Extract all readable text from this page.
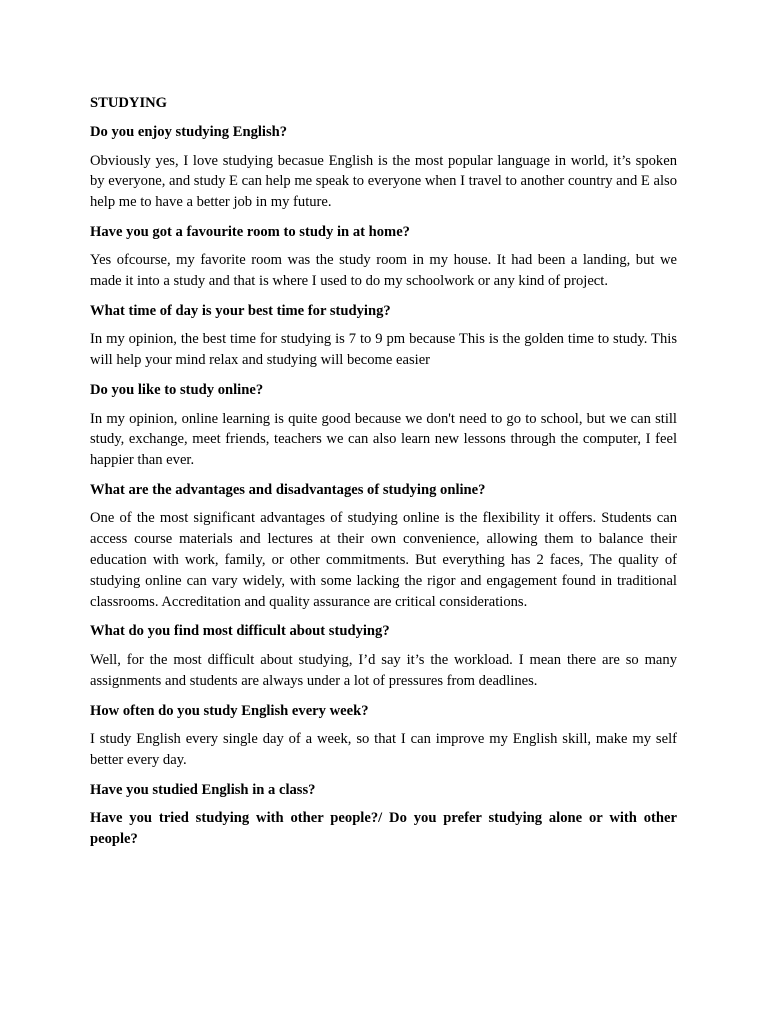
STUDYING
Do you enjoy studying English?
Obviously yes, I love studying becasue English is the most popular language in world, it’s spoken by everyone, and study E can help me speak to everyone when I travel to another country and E also help me to have a better job in my future.
Have you got a favourite room to study in at home?
Yes ofcourse, my favorite room was the study room in my house. It had been a landing, but we made it into a study and that is where I used to do my schoolwork or any kind of project.
What time of day is your best time for studying?
In my opinion, the best time for studying is 7 to 9 pm because This is the golden time to study. This will help your mind relax and studying will become easier
Do you like to study online?
In my opinion, online learning is quite good because we don't need to go to school, but we can still study, exchange, meet friends, teachers we can also learn new lessons through the computer, I feel happier than ever.
What are the advantages and disadvantages of studying online?
One of the most significant advantages of studying online is the flexibility it offers. Students can access course materials and lectures at their own convenience, allowing them to balance their education with work, family, or other commitments. But everything has 2 faces, The quality of studying online can vary widely, with some lacking the rigor and engagement found in traditional classrooms. Accreditation and quality assurance are critical considerations.
What do you find most difficult about studying?
Well, for the most difficult about studying, I’d say it’s the workload. I mean there are so many assignments and students are always under a lot of pressures from deadlines.
How often do you study English every week?
I study English every single day of a week, so that I can improve my English skill, make my self better every day.
Have you studied English in a class?
Have you tried studying with other people?/ Do you prefer studying alone or with other people?
